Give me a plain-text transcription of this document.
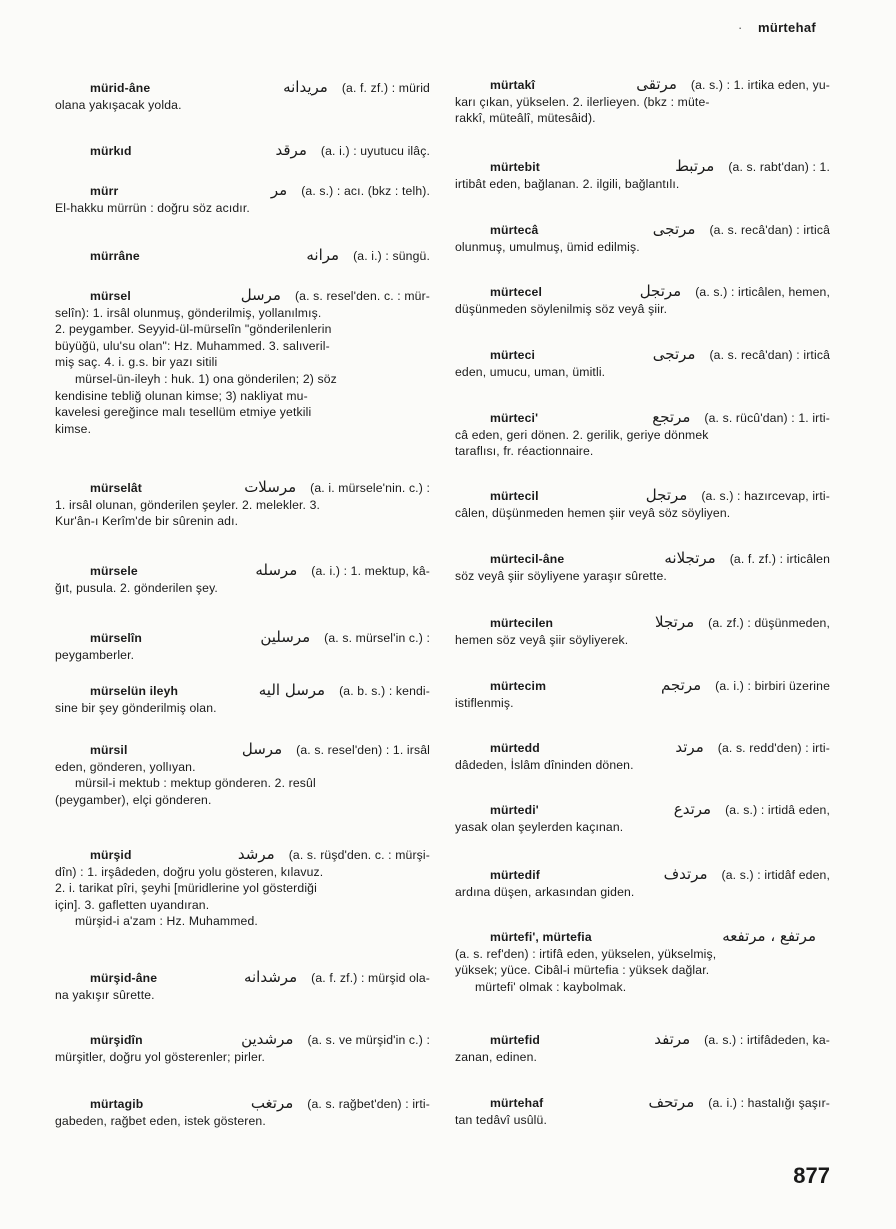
· mürtehaf
mürid-âne	مریدانه (a. f. zf.) : mürid
olana yakışacak yolda.
mürkıd	مرقد (a. i.) : uyutucu ilâç.
mürr	مر (a. s.) : acı. (bkz : telh).
El-hakku mürrün : doğru söz acıdır.
mürrâne	مرانه (a. i.) : süngü.
mürsel	مرسل (a. s. resel'den. c. : mür-
selîn): 1. irsâl olunmuş, gönderilmiş, yollanılmış.
2. peygamber. Seyyid-ül-mürselîn "gönderilenlerin
büyüğü, ulu'su olan": Hz. Muhammed. 3. salıveril-
miş saç. 4. i. g.s. bir yazı sitili
mürsel-ün-ileyh : huk. 1) ona gönderilen; 2) söz
kendisine tebliğ olunan kimse; 3) nakliyat mu-
kavelesi gereğince malı tesellüm etmiye yetkili
kimse.
mürselât	مرسلات (a. i. mürsele'nin. c.) :
1. irsâl olunan, gönderilen şeyler. 2. melekler. 3.
Kur'ân-ı Kerîm'de bir sûrenin adı.
mürsele	مرسله (a. i.) : 1. mektup, kâ-
ğıt, pusula. 2. gönderilen şey.
mürselîn	مرسلين (a. s. mürsel'in c.) :
peygamberler.
mürselün ileyh	مرسل اليه (a. b. s.) : kendi-
sine bir şey gönderilmiş olan.
mürsil	مرسل (a. s. resel'den) : 1. irsâl
eden, gönderen, yollıyan.
mürsil-i mektub : mektup gönderen. 2. resûl
(peygamber), elçi gönderen.
mürşid	مرشد (a. s. rüşd'den. c. : mürşi-
dîn) : 1. irşâdeden, doğru yolu gösteren, kılavuz.
2. i. tarikat pîri, şeyhi [müridlerine yol gösterdiği
için]. 3. gafletten uyandıran.
mürşid-i a'zam : Hz. Muhammed.
mürşid-âne	مرشدانه (a. f. zf.) : mürşid ola-
na yakışır sûrette.
mürşidîn	مرشدين (a. s. ve mürşid'in c.) :
mürşitler, doğru yol gösterenler; pirler.
mürtagib	مرتغب (a. s. rağbet'den) : irti-
gabeden, rağbet eden, istek gösteren.
mürtakî	مرتقى (a. s.) : 1. irtika eden, yu-
karı çıkan, yükselen. 2. ilerlieyen. (bkz : müte-
rakkî, müteâlî, mütesâid).
mürtebit	مرتبط (a. s. rabt'dan) : 1.
irtibât eden, bağlanan. 2. ilgili, bağlantılı.
mürtecâ	مرتجى (a. s. recâ'dan) : irticâ
olunmuş, umulmuş, ümid edilmiş.
mürtecel	مرتجل (a. s.) : irticâlen, hemen,
düşünmeden söylenilmiş söz veyâ şiir.
mürteci	مرتجى (a. s. recâ'dan) : irticâ
eden, umucu, uman, ümitli.
mürteci'	مرتجع (a. s. rücû'dan) : 1. irti-
câ eden, geri dönen. 2. gerilik, geriye dönmek
taraflısı, fr. réactionnaire.
mürtecil	مرتجل (a. s.) : hazırcevap, irti-
câlen, düşünmeden hemen şiir veyâ söz söyliyen.
mürtecil-âne	مرتجلانه (a. f. zf.) : irticâlen
söz veyâ şiir söyliyene yaraşır sûrette.
mürtecilen	مرتجلا (a. zf.) : düşünmeden,
hemen söz veyâ şiir söyliyerek.
mürtecim	مرتجم (a. i.) : birbiri üzerine
istiflenmiş.
mürtedd	مرتد (a. s. redd'den) : irti-
dâdeden, İslâm dîninden dönen.
mürtedi'	مرتدع (a. s.) : irtidâ eden,
yasak olan şeylerden kaçınan.
mürtedif	مرتدف (a. s.) : irtidâf eden,
ardına düşen, arkasından giden.
mürtefi', mürtefia	مرتفع ، مرتفعه
(a. s. ref'den) : irtifâ eden, yükselen, yükselmiş,
yüksek; yüce. Cibâl-i mürtefia : yüksek dağlar.
mürtefi' olmak : kaybolmak.
mürtefid	مرتفد (a. s.) : irtifâdeden, ka-
zanan, edinen.
mürtehaf	مرتحف (a. i.) : hastalığı şaşır-
tan tedâvî usûlü.
877
